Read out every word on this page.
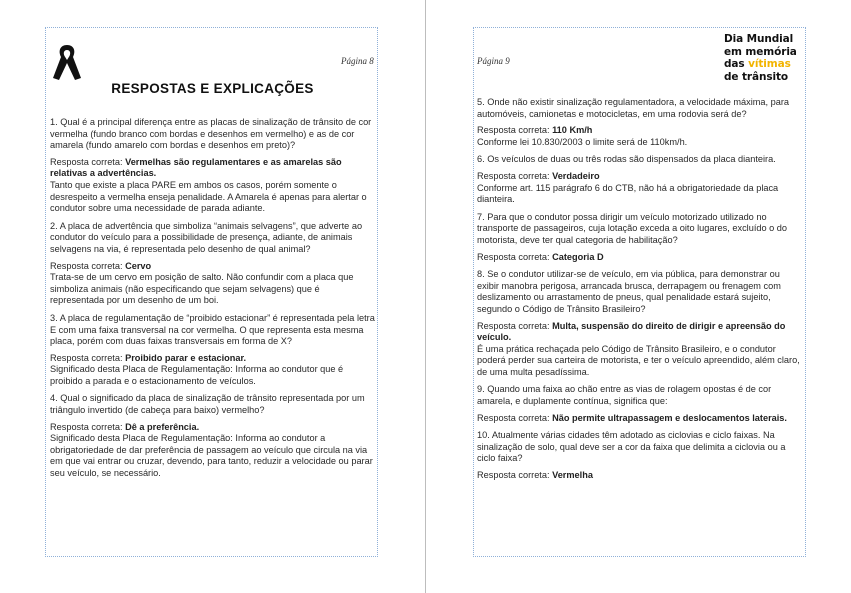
Página 8
RESPOSTAS E EXPLICAÇÕES

1. Qual é a principal diferença entre as placas de sinalização de trânsito de cor vermelha (fundo branco com bordas e desenhos em vermelho) e as de cor amarela (fundo amarelo com bordas e desenhos em preto)?

Resposta correta: Vermelhas são regulamentares e as amarelas são relativas a advertências.

Tanto que existe a placa PARE em ambos os casos, porém somente o desrespeito a vermelha enseja penalidade. A Amarela é apenas para alertar o condutor sobre uma necessidade de parada adiante.

2. A placa de advertência que simboliza “animais selvagens”, que adverte ao condutor do veículo para a possibilidade de presença, adiante, de animais selvagens na via, é representada pelo desenho de qual animal?

Resposta correta: Cervo

Trata-se de um cervo em posição de salto. Não confundir com a placa que simboliza animais (não especificando que sejam selvagens) que é representada por um desenho de um boi.

3. A placa de regulamentação de “proibido estacionar” é representada pela letra E com uma faixa transversal na cor vermelha. O que representa esta mesma placa, porém com duas faixas transversais em forma de X?

Resposta correta: Proibido parar e estacionar.

Significado desta Placa de Regulamentação: Informa ao condutor que é proibido a parada e o estacionamento de veículos.

4. Qual o significado da placa de sinalização de trânsito representada por um triângulo invertido (de cabeça para baixo) vermelho?

Resposta correta: Dê a preferência.

Significado desta Placa de Regulamentação: Informa ao condutor a obrigatoriedade de dar preferência de passagem ao veículo que circula na via em que vai entrar ou cruzar, devendo, para tanto, reduzir a velocidade ou parar seu veículo, se necessário.

Página 9
Dia Mundial
em memória
das vítimas
de trânsito

5. Onde não existir sinalização regulamentadora, a velocidade máxima, para automóveis, camionetas e motocicletas, em uma rodovia será de?

Resposta correta: 110 Km/h

Conforme lei 10.830/2003 o limite será de 110km/h.

6. Os veículos de duas ou três rodas são dispensados da placa dianteira.

Resposta correta: Verdadeiro

Conforme art. 115 parágrafo 6 do CTB, não há a obrigatoriedade da placa dianteira.

7. Para que o condutor possa dirigir um veículo motorizado utilizado no transporte de passageiros, cuja lotação exceda a oito lugares, excluído o do motorista, deve ter qual categoria de habilitação?

Resposta correta: Categoria D

8. Se o condutor utilizar-se de veículo, em via pública, para demonstrar ou exibir manobra perigosa, arrancada brusca, derrapagem ou frenagem com deslizamento ou arrastamento de pneus, qual penalidade estará sujeito, segundo o Código de Trânsito Brasileiro?

Resposta correta: Multa, suspensão do direito de dirigir e apreensão do veículo.

É uma prática rechaçada pelo Código de Trânsito Brasileiro, e o condutor poderá perder sua carteira de motorista, e ter o veículo apreendido, além claro, de uma multa pesadíssima.

9. Quando uma faixa ao chão entre as vias de rolagem opostas é de cor amarela, e duplamente contínua, significa que:

Resposta correta: Não permite ultrapassagem e deslocamentos laterais.

10. Atualmente várias cidades têm adotado as ciclovias e ciclo faixas. Na sinalização de solo, qual deve ser a cor da faixa que delimita a ciclovia ou a ciclo faixa?

Resposta correta: Vermelha
